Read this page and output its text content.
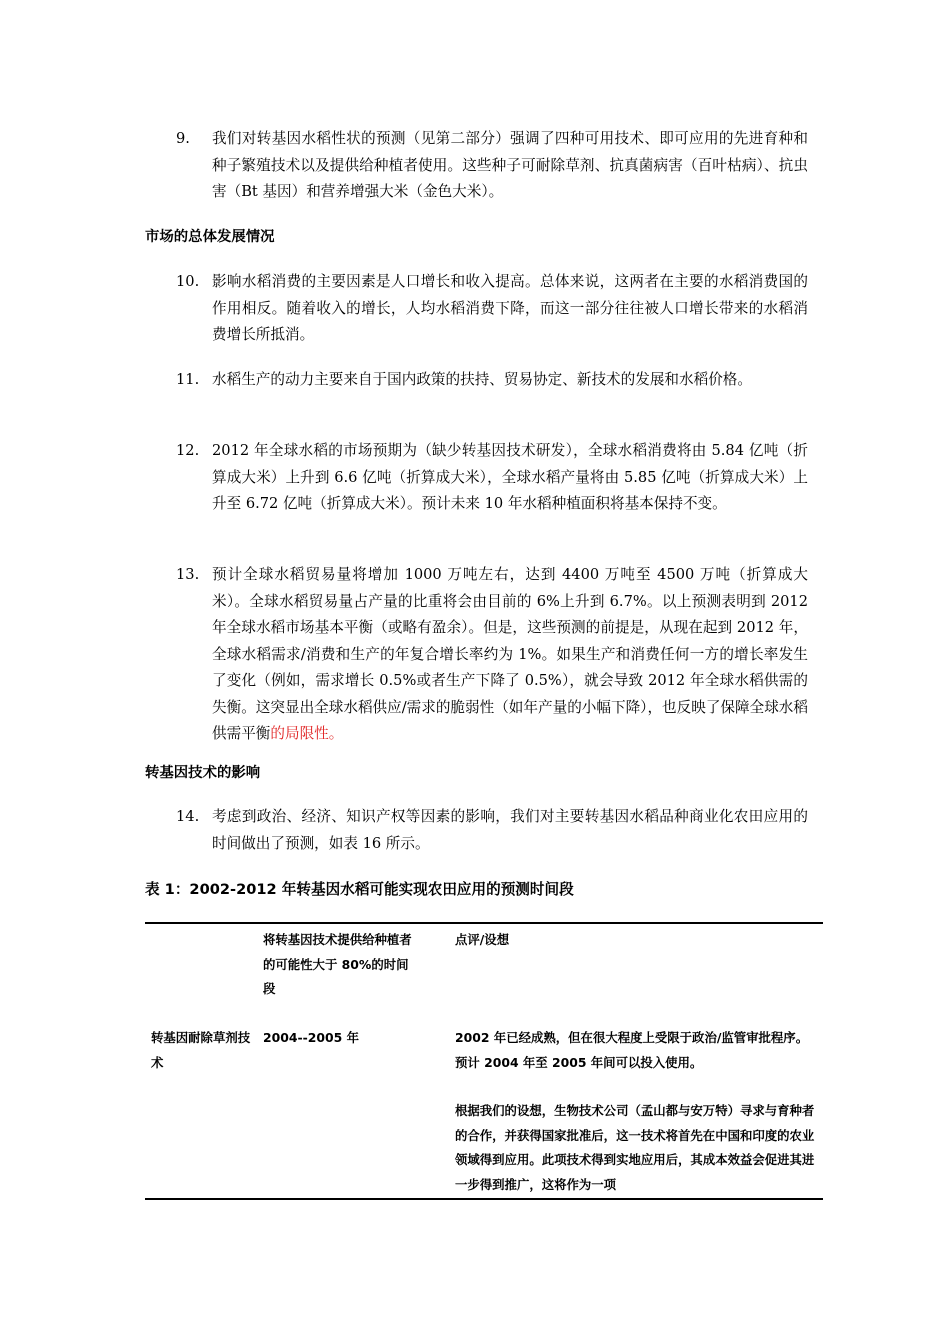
9.	我们对转基因水稻性状的预测（见第二部分）强调了四种可用技术、即可应用的先进育种和种子繁殖技术以及提供给种植者使用。这些种子可耐除草剂、抗真菌病害（百叶枯病）、抗虫害（Bt 基因）和营养增强大米（金色大米）。
市场的总体发展情况
10. 影响水稻消费的主要因素是人口增长和收入提高。总体来说，这两者在主要的水稻消费国的作用相反。随着收入的增长，人均水稻消费下降，而这一部分往往被人口增长带来的水稻消费增长所抵消。
11. 水稻生产的动力主要来自于国内政策的扶持、贸易协定、新技术的发展和水稻价格。
12. 2012 年全球水稻的市场预期为（缺少转基因技术研发），全球水稻消费将由 5.84 亿吨（折算成大米）上升到 6.6 亿吨（折算成大米），全球水稻产量将由 5.85 亿吨（折算成大米）上升至 6.72 亿吨（折算成大米）。预计未来 10 年水稻种植面积将基本保持不变。
13. 预计全球水稻贸易量将增加 1000 万吨左右，达到 4400 万吨至 4500 万吨（折算成大米）。全球水稻贸易量占产量的比重将会由目前的 6%上升到 6.7%。以上预测表明到 2012 年全球水稻市场基本平衡（或略有盈余）。但是，这些预测的前提是，从现在起到 2012 年，全球水稻需求/消费和生产的年复合增长率约为 1%。如果生产和消费任何一方的增长率发生了变化（例如，需求增长 0.5%或者生产下降了 0.5%），就会导致 2012 年全球水稻供需的失衡。这突显出全球水稻供应/需求的脆弱性（如年产量的小幅下降），也反映了保障全球水稻供需平衡的局限性。
转基因技术的影响
14. 考虑到政治、经济、知识产权等因素的影响，我们对主要转基因水稻品种商业化农田应用的时间做出了预测，如表 16 所示。
表 1：2002-2012 年转基因水稻可能实现农田应用的预测时间段
将转基因技术提供给种植者的可能性大于 80%的时间段
点评/设想
转基因耐除草剂技术
2004--2005 年	2002 年已经成熟，但在很大程度上受限于政治/监管审批程序。预计 2004 年至 2005 年间可以投入使用。
根据我们的设想，生物技术公司（孟山都与安万特）寻求与育种者的合作，并获得国家批准后，这一技术将首先在中国和印度的农业领域得到应用。此项技术得到实地应用后，其成本效益会促进其进一步得到推广，这将作为一项
